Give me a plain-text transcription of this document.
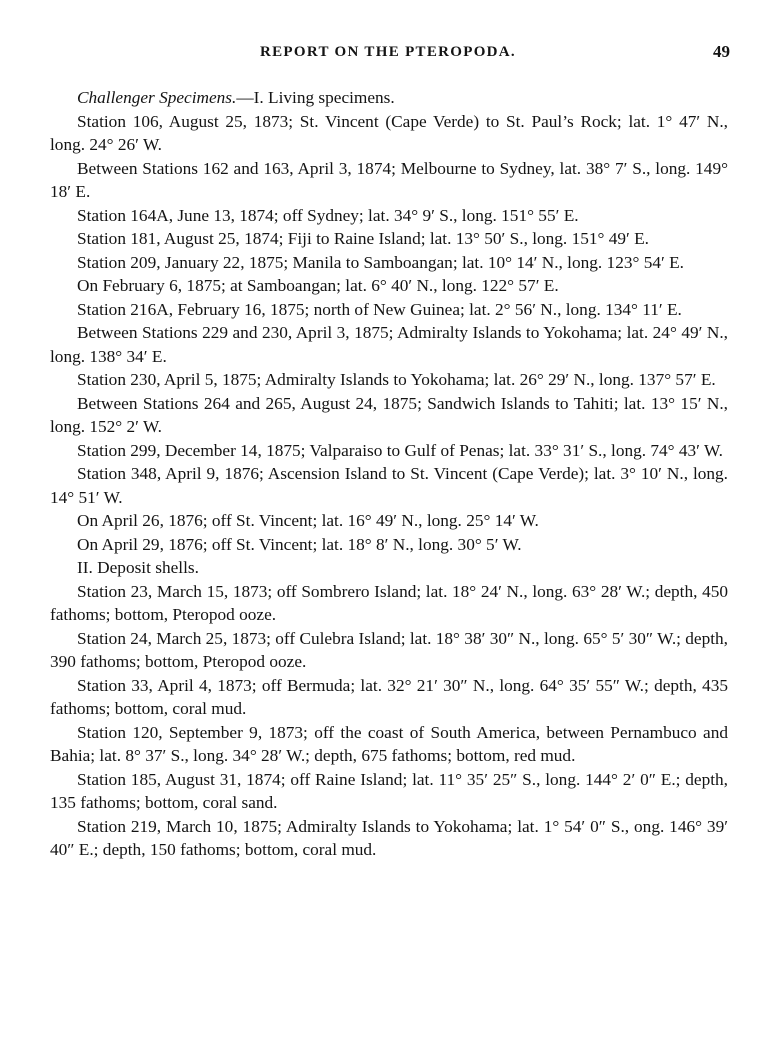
REPORT ON THE PTEROPODA.	49

Challenger Specimens.—I. Living specimens.

Station 106, August 25, 1873; St. Vincent (Cape Verde) to St. Paul’s Rock; lat. 1° 47′ N., long. 24° 26′ W.

Between Stations 162 and 163, April 3, 1874; Melbourne to Sydney, lat. 38° 7′ S., long. 149° 18′ E.

Station 164A, June 13, 1874; off Sydney; lat. 34° 9′ S., long. 151° 55′ E.

Station 181, August 25, 1874; Fiji to Raine Island; lat. 13° 50′ S., long. 151° 49′ E.

Station 209, January 22, 1875; Manila to Samboangan; lat. 10° 14′ N., long. 123° 54′ E.

On February 6, 1875; at Samboangan; lat. 6° 40′ N., long. 122° 57′ E.

Station 216A, February 16, 1875; north of New Guinea; lat. 2° 56′ N., long. 134° 11′ E.

Between Stations 229 and 230, April 3, 1875; Admiralty Islands to Yokohama; lat. 24° 49′ N., long. 138° 34′ E.

Station 230, April 5, 1875; Admiralty Islands to Yokohama; lat. 26° 29′ N., long. 137° 57′ E.

Between Stations 264 and 265, August 24, 1875; Sandwich Islands to Tahiti; lat. 13° 15′ N., long. 152° 2′ W.

Station 299, December 14, 1875; Valparaiso to Gulf of Penas; lat. 33° 31′ S., long. 74° 43′ W.

Station 348, April 9, 1876; Ascension Island to St. Vincent (Cape Verde); lat. 3° 10′ N., long. 14° 51′ W.

On April 26, 1876; off St. Vincent; lat. 16° 49′ N., long. 25° 14′ W.

On April 29, 1876; off St. Vincent; lat. 18° 8′ N., long. 30° 5′ W.

II. Deposit shells.

Station 23, March 15, 1873; off Sombrero Island; lat. 18° 24′ N., long. 63° 28′ W.; depth, 450 fathoms; bottom, Pteropod ooze.

Station 24, March 25, 1873; off Culebra Island; lat. 18° 38′ 30″ N., long. 65° 5′ 30″ W.; depth, 390 fathoms; bottom, Pteropod ooze.

Station 33, April 4, 1873; off Bermuda; lat. 32° 21′ 30″ N., long. 64° 35′ 55″ W.; depth, 435 fathoms; bottom, coral mud.

Station 120, September 9, 1873; off the coast of South America, between Pernambuco and Bahia; lat. 8° 37′ S., long. 34° 28′ W.; depth, 675 fathoms; bottom, red mud.

Station 185, August 31, 1874; off Raine Island; lat. 11° 35′ 25″ S., long. 144° 2′ 0″ E.; depth, 135 fathoms; bottom, coral sand.

Station 219, March 10, 1875; Admiralty Islands to Yokohama; lat. 1° 54′ 0″ S., ong. 146° 39′ 40″ E.; depth, 150 fathoms; bottom, coral mud.
